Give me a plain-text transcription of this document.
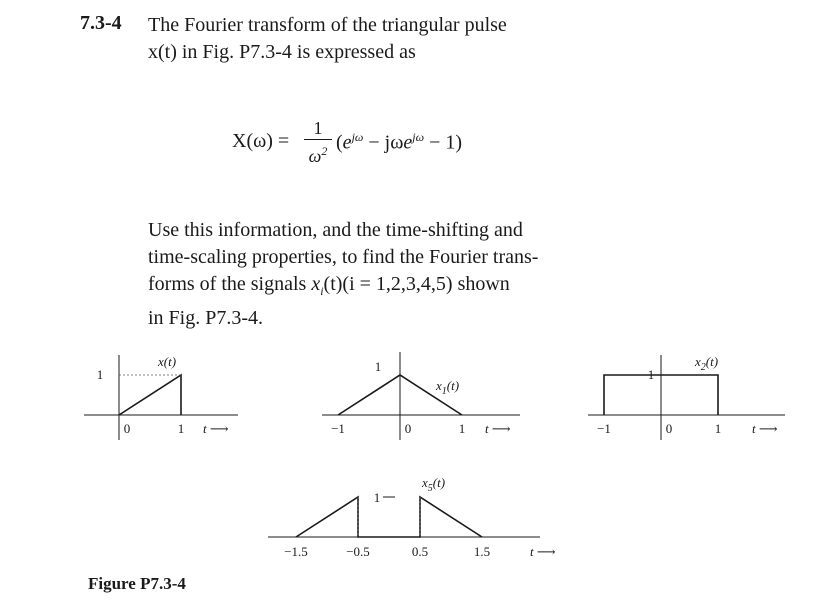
7.3-4 The Fourier transform of the triangular pulse
x(t) in Fig. P7.3-4 is expressed as

X(ω) =
1
$\omega^2$ $(e^{j\omega} - j\omega e^{j\omega} - 1)$

Use this information, and the time-shifting and
time-scaling properties, to find the Fourier trans-
forms of the signals $x_i(t)(i = 1,2,3,4,5)$ shown
in Fig. P7.3-4.

0	1
1
x(t)
t ⟶	−1	0	1
1
$x_1(t)$
t ⟶	−1	0	1
1
$x_2(t)$
t ⟶
−1.5	−0.5	0.5	1.5
1
$x_5(t)$
t ⟶
Figure P7.3-4
